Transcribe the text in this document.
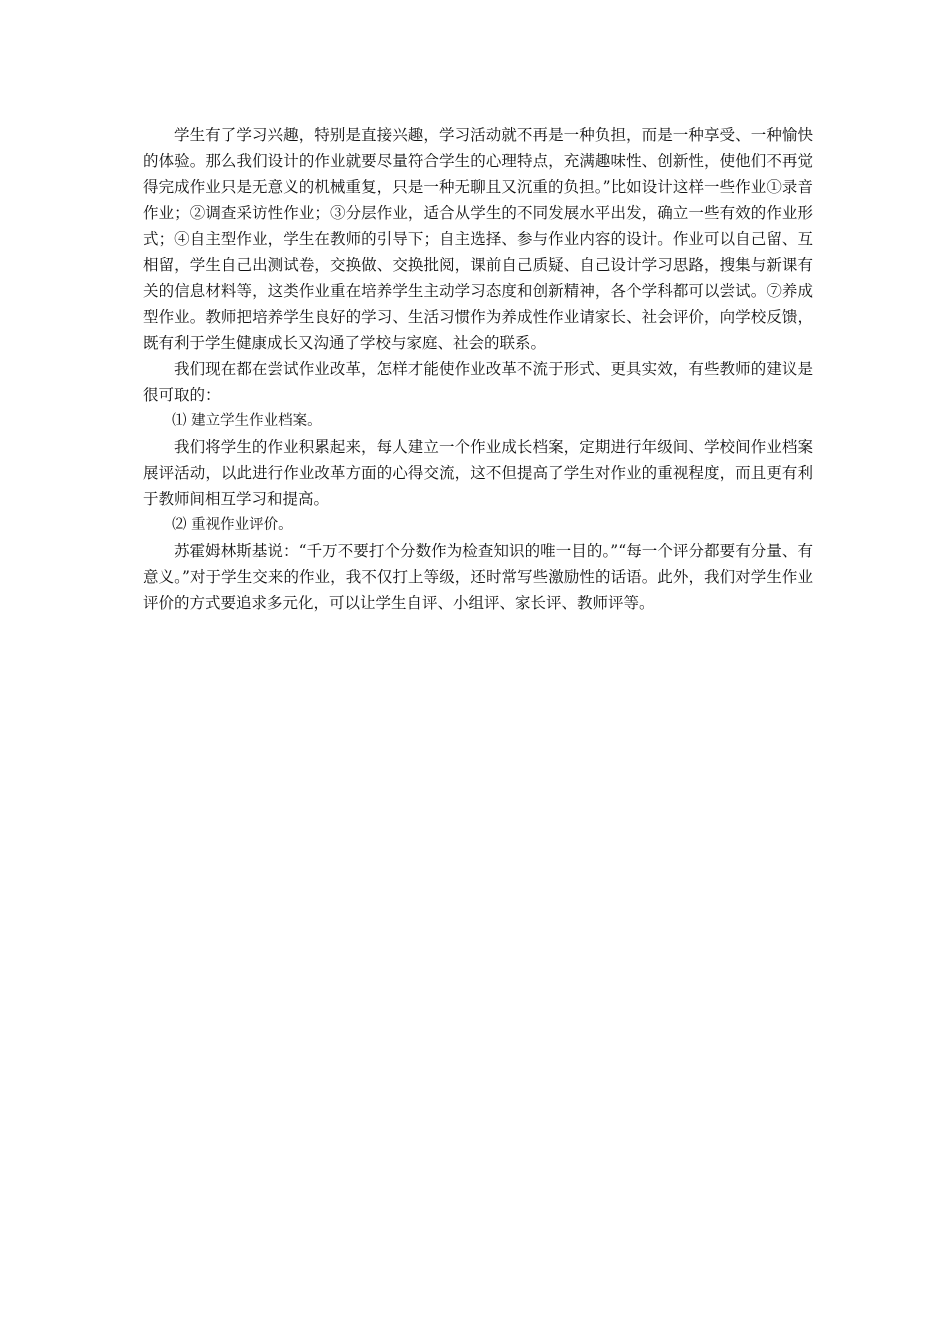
学生有了学习兴趣，特别是直接兴趣，学习活动就不再是一种负担，而是一种享受、一种愉快的体验。那么我们设计的作业就要尽量符合学生的心理特点，充满趣味性、创新性，使他们不再觉得完成作业只是无意义的机械重复，只是一种无聊且又沉重的负担。”比如设计这样一些作业①录音作业；②调查采访性作业；③分层作业，适合从学生的不同发展水平出发，确立一些有效的作业形式；④自主型作业，学生在教师的引导下；自主选择、参与作业内容的设计。作业可以自己留、互相留，学生自己出测试卷，交换做、交换批阅，课前自己质疑、自己设计学习思路，搜集与新课有关的信息材料等，这类作业重在培养学生主动学习态度和创新精神，各个学科都可以尝试。⑦养成型作业。教师把培养学生良好的学习、生活习惯作为养成性作业请家长、社会评价，向学校反馈，既有利于学生健康成长又沟通了学校与家庭、社会的联系。

我们现在都在尝试作业改革，怎样才能使作业改革不流于形式、更具实效，有些教师的建议是很可取的：

⑴ 建立学生作业档案。

我们将学生的作业积累起来，每人建立一个作业成长档案，定期进行年级间、学校间作业档案展评活动，以此进行作业改革方面的心得交流，这不但提高了学生对作业的重视程度，而且更有利于教师间相互学习和提高。

⑵ 重视作业评价。

苏霍姆林斯基说：“千万不要打个分数作为检查知识的唯一目的。”“每一个评分都要有分量、有意义。”对于学生交来的作业，我不仅打上等级，还时常写些激励性的话语。此外，我们对学生作业评价的方式要追求多元化，可以让学生自评、小组评、家长评、教师评等。
